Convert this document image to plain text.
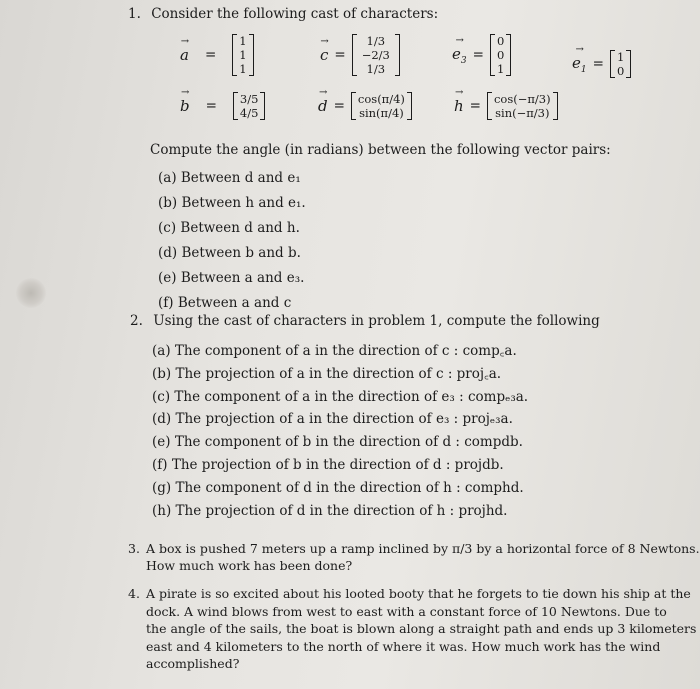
1. Consider the following cast of characters:
→ a =
1
1
1
→ c =
1/3
−2/3
1/3
→ $e_3$ =
0
0
1	→ $e_1 = 1$
0
→ b = 3/5
4/5	→ d = cos(π/4)
sin(π/4)	→ h = cos(−π/3)
sin(−π/3)
Compute the angle (in radians) between the following vector pairs:
(a) Between d and e₁
(b) Between h and e₁.
(c) Between d and h.
(d) Between b and b.
(e) Between a and e₃.
(f) Between a and c
2. Using the cast of characters in problem 1, compute the following
(a) The component of a in the direction of c : comp꜀a.
(b) The projection of a in the direction of c : proj꜀a.
(c) The component of a in the direction of e₃ : compₑ₃a.
(d) The projection of a in the direction of e₃ : projₑ₃a.
(e) The component of b in the direction of d : compdb.
(f) The projection of b in the direction of d : projdb.
(g) The component of d in the direction of h : comphd.
(h) The projection of d in the direction of h : projhd.
3. A box is pushed 7 meters up a ramp inclined by π/3 by a horizontal force of 8 Newtons.
How much work has been done?
4. A pirate is so excited about his looted booty that he forgets to tie down his ship at the
dock. A wind blows from west to east with a constant force of 10 Newtons. Due to
the angle of the sails, the boat is blown along a straight path and ends up 3 kilometers
east and 4 kilometers to the north of where it was. How much work has the wind
accomplished?
